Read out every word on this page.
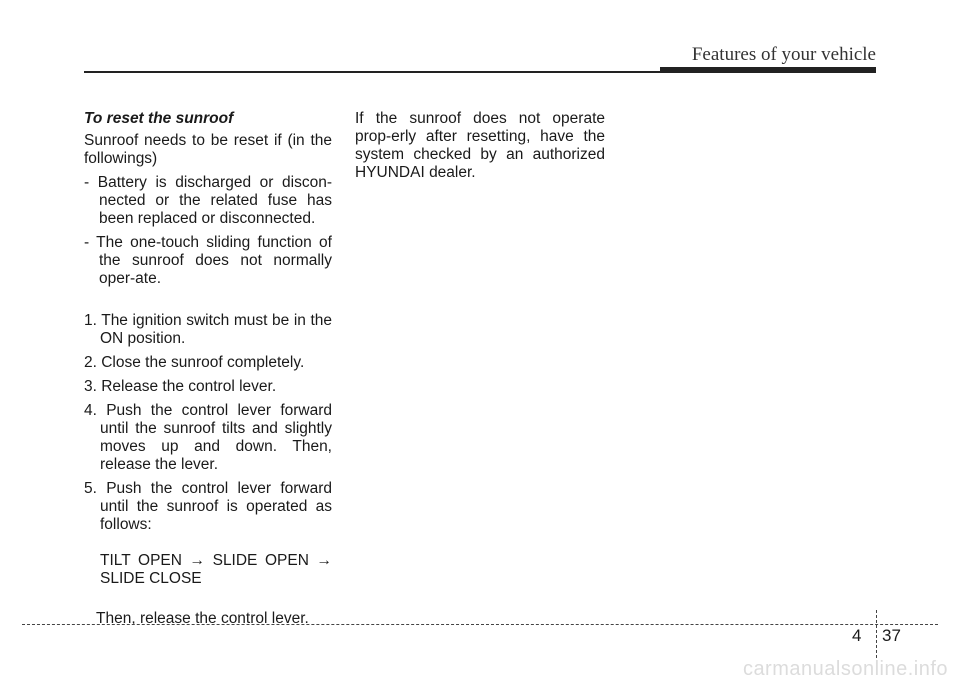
Features of your vehicle

To reset the sunroof

Sunroof needs to be reset if (in the followings)

- Battery is discharged or discon-nected or the related fuse has been replaced or disconnected.

- The one-touch sliding function of the sunroof does not normally oper-ate.

1. The ignition switch must be in the ON position.

2. Close the sunroof completely.

3. Release the control lever.

4. Push the control lever forward until the sunroof tilts and slightly moves up and down. Then, release the lever.

5. Push the control lever forward until the sunroof is operated as follows:

TILT OPEN → SLIDE OPEN → SLIDE CLOSE

Then, release the control lever.

If the sunroof does not operate prop-erly after resetting, have the system checked by an authorized HYUNDAI dealer.

4 37
carmanualsonline.info
